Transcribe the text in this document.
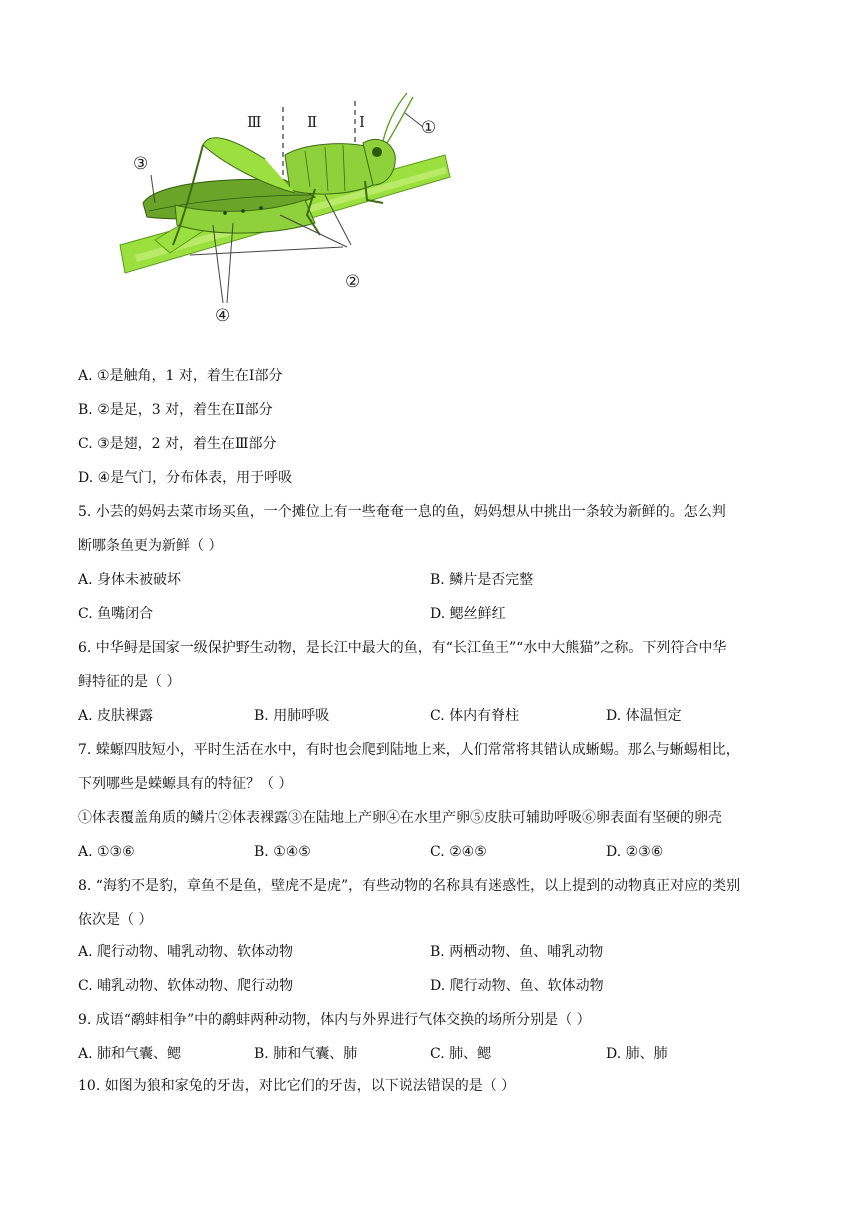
Ⅲ	Ⅱ	Ⅰ	①
②
③
④
A. ①是触角，1 对，着生在Ⅰ部分
B. ②是足，3 对，着生在Ⅱ部分
C. ③是翅，2 对，着生在Ⅲ部分
D. ④是气门，分布体表，用于呼吸
5. 小芸的妈妈去菜市场买鱼，一个摊位上有一些奄奄一息的鱼，妈妈想从中挑出一条较为新鲜的。怎么判
断哪条鱼更为新鲜（ ）
A. 身体未被破坏	B. 鳞片是否完整
C. 鱼嘴闭合	D. 鳃丝鲜红
6. 中华鲟是国家一级保护野生动物，是长江中最大的鱼，有“长江鱼王”“水中大熊猫”之称。下列符合中华
鲟特征的是（ ）
A. 皮肤裸露	B. 用肺呼吸	C. 体内有脊柱	D. 体温恒定
7. 蝾螈四肢短小，平时生活在水中，有时也会爬到陆地上来，人们常常将其错认成蜥蜴。那么与蜥蜴相比，
下列哪些是蝾螈具有的特征？（ ）
①体表覆盖角质的鳞片②体表裸露③在陆地上产卵④在水里产卵⑤皮肤可辅助呼吸⑥卵表面有坚硬的卵壳
A. ①③⑥	B. ①④⑤	C. ②④⑤	D. ②③⑥
8. “海豹不是豹，章鱼不是鱼，壁虎不是虎”，有些动物的名称具有迷惑性，以上提到的动物真正对应的类别
依次是（ ）
A. 爬行动物、哺乳动物、软体动物	B. 两栖动物、鱼、哺乳动物
C. 哺乳动物、软体动物、爬行动物	D. 爬行动物、鱼、软体动物
9. 成语“鹬蚌相争”中的鹬蚌两种动物，体内与外界进行气体交换的场所分别是（ ）
A. 肺和气囊、鳃	B. 肺和气囊、肺	C. 肺、鳃	D. 肺、肺
10. 如图为狼和家兔的牙齿，对比它们的牙齿，以下说法错误的是（ ）
